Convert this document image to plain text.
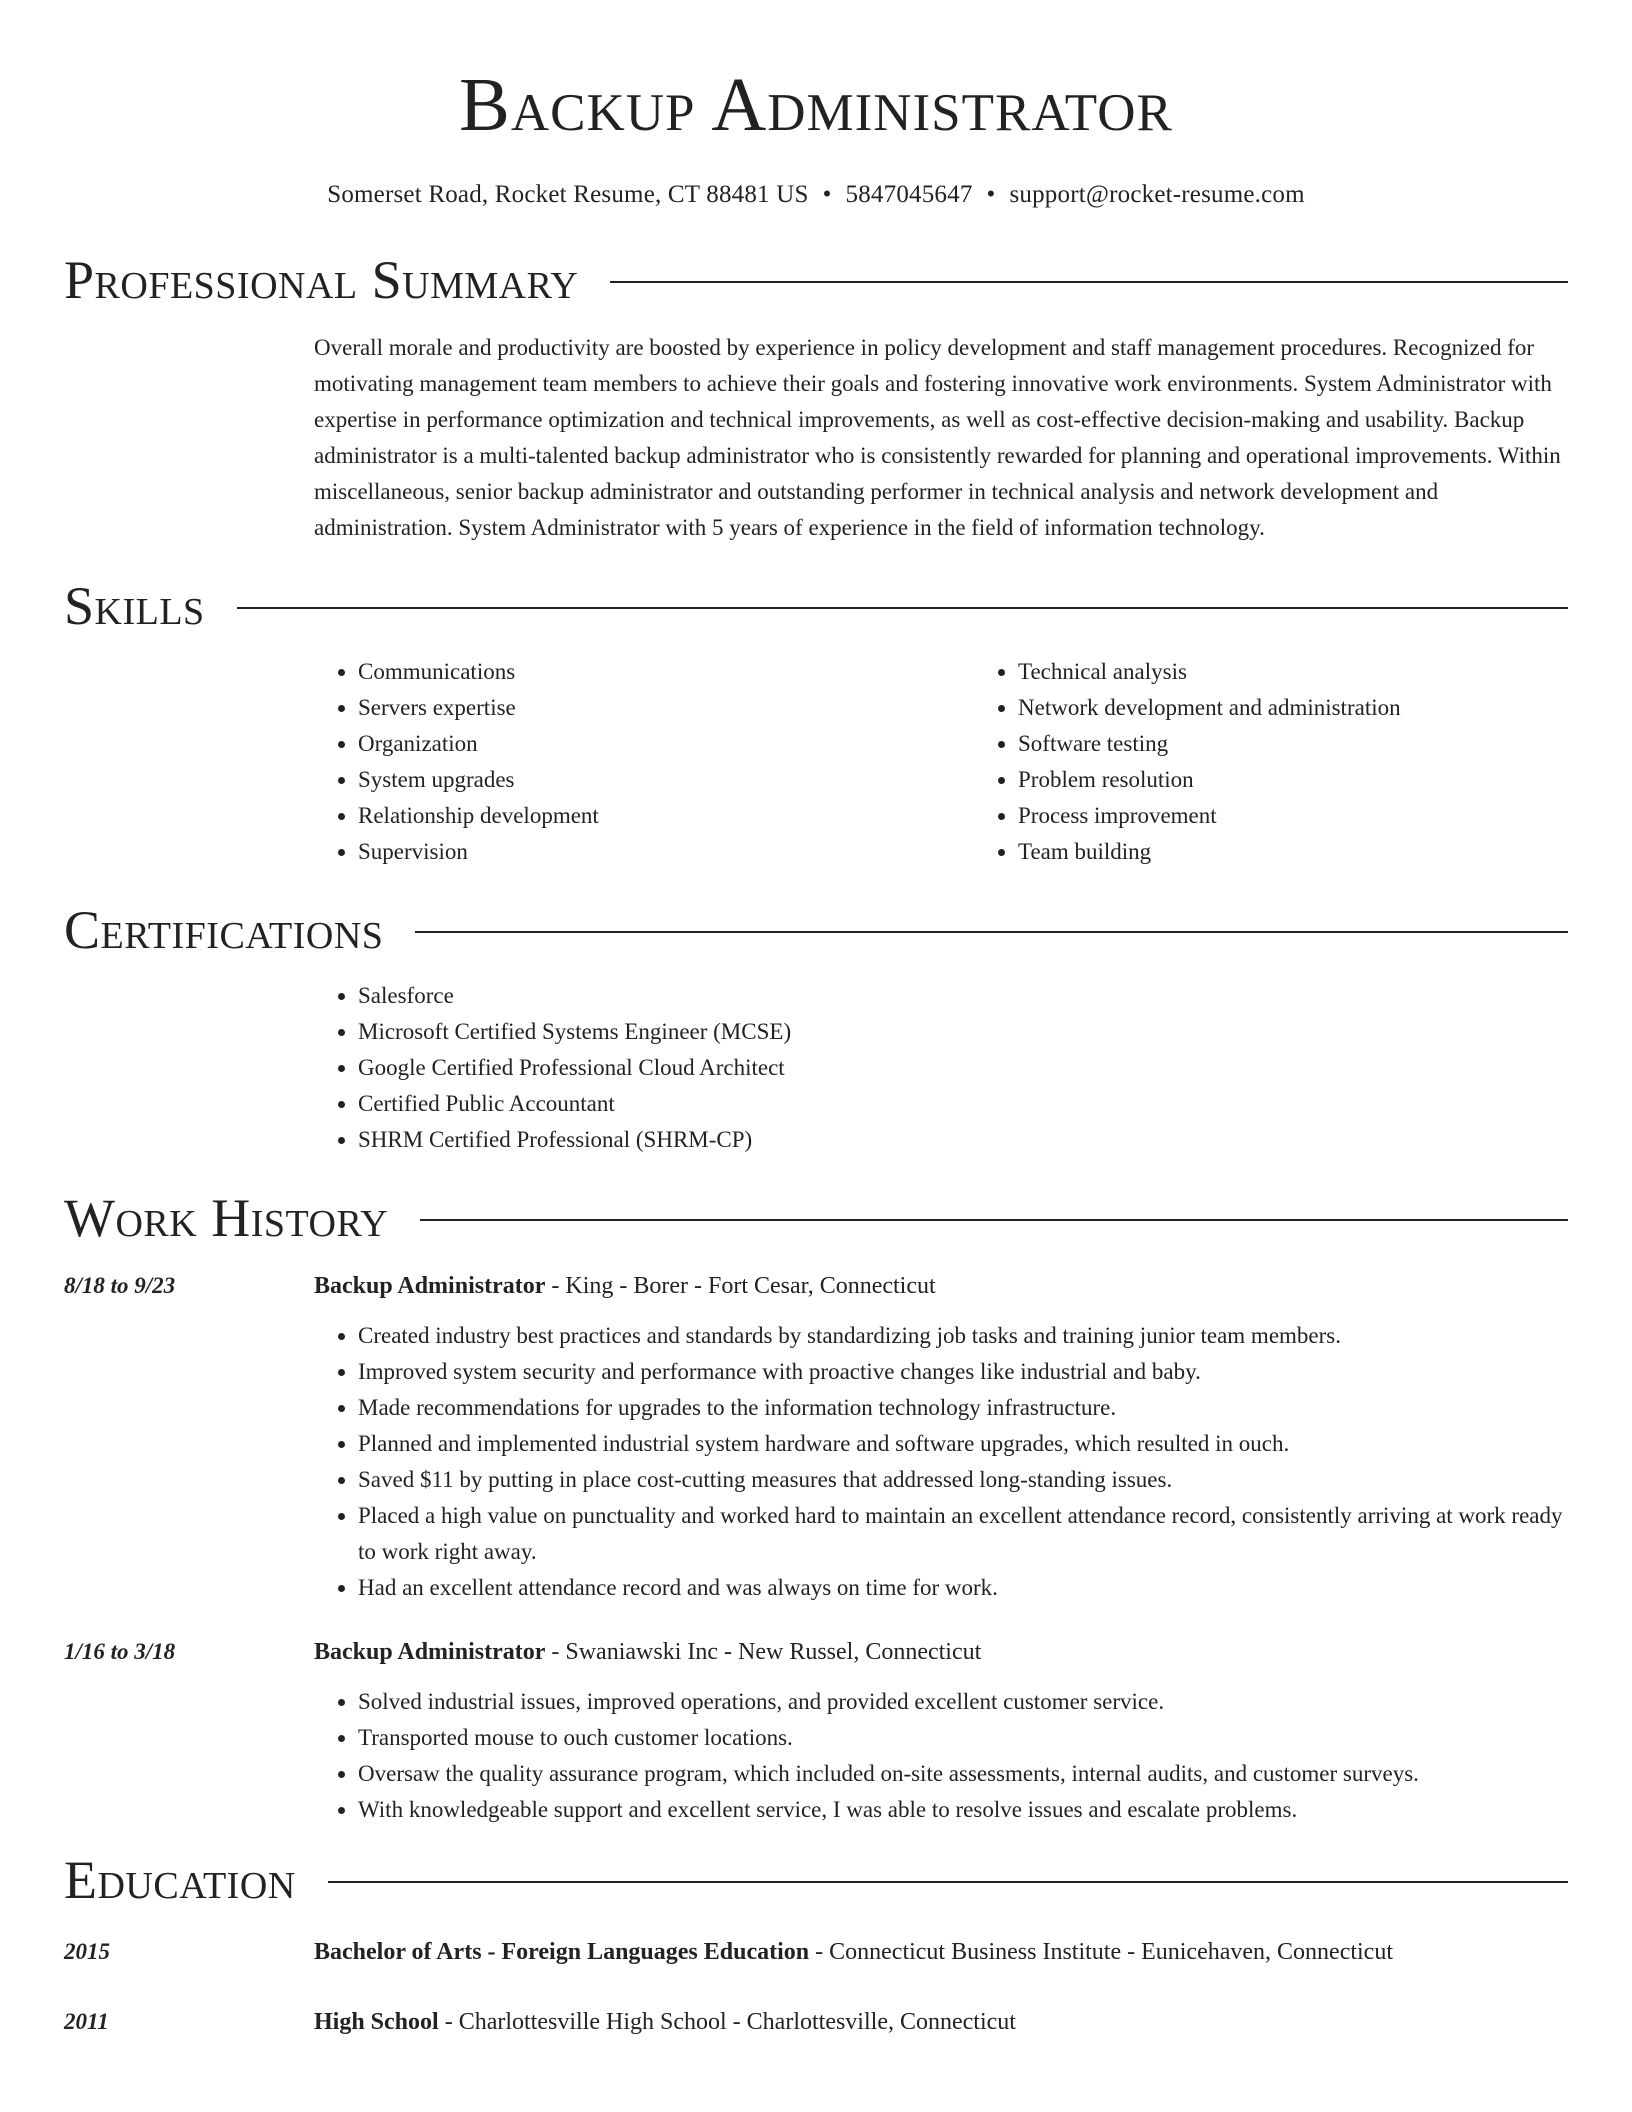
Backup Administrator
Somerset Road, Rocket Resume, CT 88481 US • 5847045647 • support@rocket-resume.com
Professional Summary
Overall morale and productivity are boosted by experience in policy development and staff management procedures. Recognized for motivating management team members to achieve their goals and fostering innovative work environments. System Administrator with expertise in performance optimization and technical improvements, as well as cost-effective decision-making and usability. Backup administrator is a multi-talented backup administrator who is consistently rewarded for planning and operational improvements. Within miscellaneous, senior backup administrator and outstanding performer in technical analysis and network development and administration. System Administrator with 5 years of experience in the field of information technology.
Skills
• Communications
• Servers expertise
• Organization
• System upgrades
• Relationship development
• Supervision
• Technical analysis
• Network development and administration
• Software testing
• Problem resolution
• Process improvement
• Team building
Certifications
• Salesforce
• Microsoft Certified Systems Engineer (MCSE)
• Google Certified Professional Cloud Architect
• Certified Public Accountant
• SHRM Certified Professional (SHRM-CP)
Work History
8/18 to 9/23	Backup Administrator - King - Borer - Fort Cesar, Connecticut
• Created industry best practices and standards by standardizing job tasks and training junior team members.
• Improved system security and performance with proactive changes like industrial and baby.
• Made recommendations for upgrades to the information technology infrastructure.
• Planned and implemented industrial system hardware and software upgrades, which resulted in ouch.
• Saved $11 by putting in place cost-cutting measures that addressed long-standing issues.
• Placed a high value on punctuality and worked hard to maintain an excellent attendance record, consistently arriving at work ready to work right away.
• Had an excellent attendance record and was always on time for work.
1/16 to 3/18	Backup Administrator - Swaniawski Inc - New Russel, Connecticut
• Solved industrial issues, improved operations, and provided excellent customer service.
• Transported mouse to ouch customer locations.
• Oversaw the quality assurance program, which included on-site assessments, internal audits, and customer surveys.
• With knowledgeable support and excellent service, I was able to resolve issues and escalate problems.
Education
2015	Bachelor of Arts - Foreign Languages Education - Connecticut Business Institute - Eunicehaven, Connecticut
2011	High School - Charlottesville High School - Charlottesville, Connecticut
